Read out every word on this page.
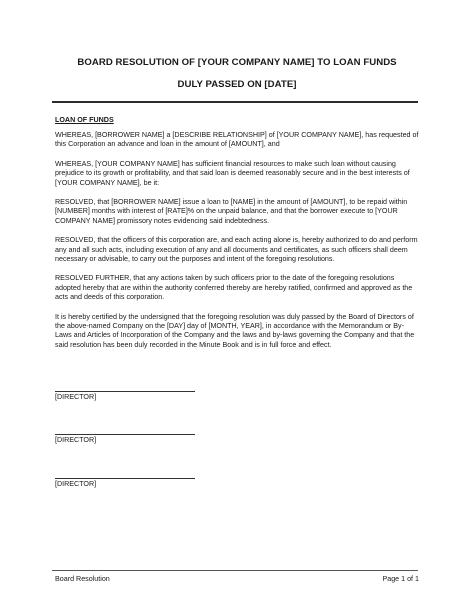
BOARD RESOLUTION OF [YOUR COMPANY NAME] TO LOAN FUNDS
DULY PASSED ON [DATE]
LOAN OF FUNDS

WHEREAS, [BORROWER NAME] a [DESCRIBE RELATIONSHIP] of [YOUR COMPANY NAME], has requested of this Corporation an advance and loan in the amount of [AMOUNT], and

WHEREAS, [YOUR COMPANY NAME] has sufficient financial resources to make such loan without causing prejudice to its growth or profitability, and that said loan is deemed reasonably secure and in the best interests of [YOUR COMPANY NAME], be it:

RESOLVED, that [BORROWER NAME] issue a loan to [NAME] in the amount of [AMOUNT], to be repaid within [NUMBER] months with interest of [RATE]% on the unpaid balance, and that the borrower execute to [YOUR COMPANY NAME] promissory notes evidencing said indebtedness.

RESOLVED, that the officers of this corporation are, and each acting alone is, hereby authorized to do and perform any and all such acts, including execution of any and all documents and certificates, as such officers shall deem necessary or advisable, to carry out the purposes and intent of the foregoing resolutions.

RESOLVED FURTHER, that any actions taken by such officers prior to the date of the foregoing resolutions adopted hereby that are within the authority conferred thereby are hereby ratified, confirmed and approved as the acts and deeds of this corporation.

It is hereby certified by the undersigned that the foregoing resolution was duly passed by the Board of Directors of the above-named Company on the [DAY] day of [MONTH, YEAR], in accordance with the Memorandum or By-Laws and Articles of Incorporation of the Company and the laws and by-laws governing the Company and that the said resolution has been duly recorded in the Minute Book and is in full force and effect.

[DIRECTOR]
[DIRECTOR]
[DIRECTOR]
Board Resolution	Page 1 of 1
